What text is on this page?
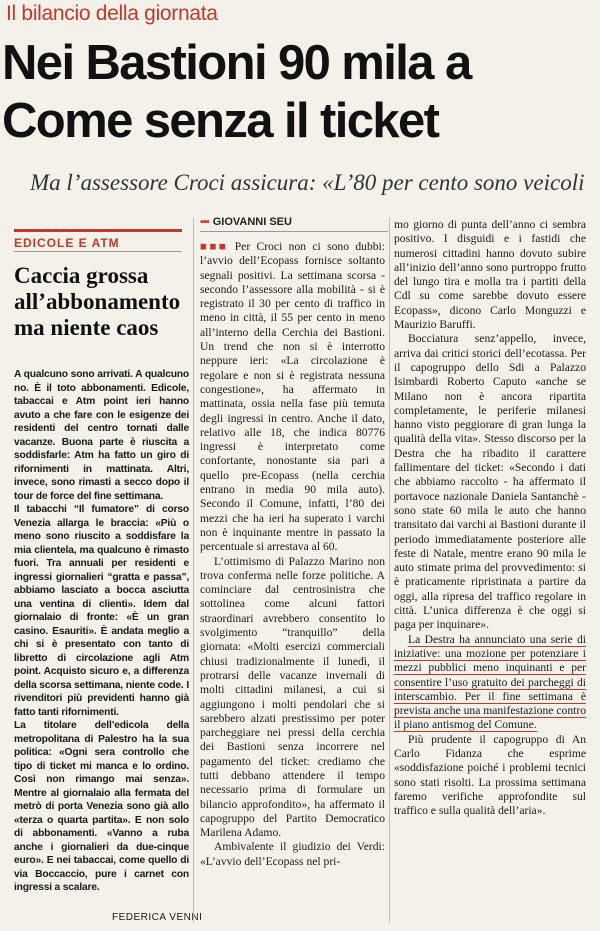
Il bilancio della giornata
Nei Bastioni 90 mila a
Come senza il ticket
Ma l’assessore Croci assicura: «L’80 per cento sono veicoli
EDICOLE E ATM
Caccia grossa all’abbonamento ma niente caos

A qualcuno sono arrivati. A qualcuno no. È il toto abbonamenti. Edicole, tabaccai e Atm point ieri hanno avuto a che fare con le esigenze dei residenti del centro tornati dalle vacanze. Buona parte è riuscita a soddisfarle: Atm ha fatto un giro di rifornimenti in mattinata. Altri, invece, sono rimasti a secco dopo il tour de force del fine settimana.

Il tabacchi “Il fumatore” di corso Venezia allarga le braccia: «Più o meno sono riuscito a soddisfare la mia clientela, ma qualcuno è rimasto fuori. Tra annuali per residenti e ingressi giornalieri “gratta e passa”, abbiamo lasciato a bocca asciutta una ventina di clienti». Idem dal giornalaio di fronte: «È un gran casino. Esauriti». È andata meglio a chi si è presentato con tanto di libretto di circolazione agli Atm point. Acquisto sicuro e, a differenza della scorsa settimana, niente code. I rivenditori più previdenti hanno già fatto tanti rifornimenti.

La titolare dell’edicola della metropolitana di Palestro ha la sua politica: «Ogni sera controllo che tipo di ticket mi manca e lo ordino. Così non rimango mai senza». Mentre al giornalaio alla fermata del metrò di porta Venezia sono già allo «terza o quarta partita». E non solo di abbonamenti. «Vanno a ruba anche i giornalieri da due-cinque euro». E nei tabaccai, come quello di via Boccaccio, pure i carnet con ingressi a scalare.

FEDERICA VENNI
▪▪▪ GIOVANNI SEU

■■■ Per Croci non ci sono dubbi: l’avvio dell’Ecopass fornisce soltanto segnali positivi. La settimana scorsa - secondo l’assessore alla mobilità - si è registrato il 30 per cento di traffico in meno in città, il 55 per cento in meno all’interno della Cerchia dei Bastioni. Un trend che non si è interrotto neppure ieri: «La circolazione è regolare e non si è registrata nessuna congestione», ha affermato in mattinata, ossia nella fase più temuta degli ingressi in centro. Anche il dato, relativo alle 18, che indica 80776 ingressi è interpretato come confortante, nonostante sia pari a quello pre-Ecopass (nella cerchia entrano in media 90 mila auto). Secondo il Comune, infatti, l’80 dei mezzi che ha ieri ha superato i varchi non è inquinante mentre in passato la percentuale si arrestava al 60.

L’ottimismo di Palazzo Marino non trova conferma nelle forze politiche. A cominciare dal centrosinistra che sottolinea come alcuni fattori straordinari avrebbero consentito lo svolgimento “tranquillo” della giornata: «Molti esercizi commerciali chiusi tradizionalmente il lunedì, il protrarsi delle vacanze invernali di molti cittadini milanesi, a cui si aggiungono i molti pendolari che si sarebbero alzati prestissimo per poter parcheggiare nei pressi della cerchia dei Bastioni senza incorrere nel pagamento del ticket: crediamo che tutti debbano attendere il tempo necessario prima di formulare un bilancio approfondito», ha affermato il capogruppo del Partito Democratico Marilena Adamo.

Ambivalente il giudizio dei Verdi: «L’avvio dell’Ecopass nel pri-

mo giorno di punta dell’anno ci sembra positivo. I disguidi e i fastidi che numerosi cittadini hanno dovuto subire all’inizio dell’anno sono purtroppo frutto del lungo tira e molla tra i partiti della Cdl su come sarebbe dovuto essere Ecopass», dicono Carlo Monguzzi e Maurizio Baruffi.

Bocciatura senz’appello, invece, arriva dai critici storici dell’ecotassa. Per il capogruppo dello Sdi a Palazzo Isimbardi Roberto Caputo «anche se Milano non è ancora ripartita completamente, le periferie milanesi hanno visto peggiorare di gran lunga la qualità della vita». Stesso discorso per la Destra che ha ribadito il carattere fallimentare del ticket: «Secondo i dati che abbiamo raccolto - ha affermato il portavoce nazionale Daniela Santanchè - sono state 60 mila le auto che hanno transitato dai varchi ai Bastioni durante il periodo immediatamente posteriore alle feste di Natale, mentre erano 90 mila le auto stimate prima del provvedimento: si è praticamente ripristinata a partire da oggi, alla ripresa del traffico regolare in città. L’unica differenza è che oggi si paga per inquinare».

La Destra ha annunciato una serie di iniziative: una mozione per potenziare i mezzi pubblici meno inquinanti e per consentire l’uso gratuito dei parcheggi di interscambio. Per il fine settimana è prevista anche una manifestazione contro il piano antismog del Comune.

Più prudente il capogruppo di An Carlo Fidanza che esprime «soddisfazione poiché i problemi tecnici sono stati risolti. La prossima settimana faremo verifiche approfondite sul traffico e sulla qualità dell’aria».
